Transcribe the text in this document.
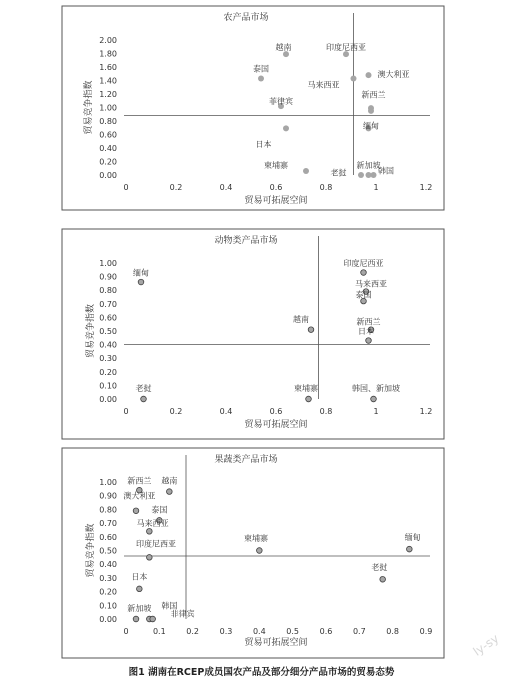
0.00
0.20
0.40
0.60
0.80
1.00
1.20
1.40
1.60
1.80
2.00
0	0.2	0.4	0.6	0.8	1	1.2
农产品市场
贸易可拓展空间
贸易竞争指数
越南	印度尼西亚
泰国
澳大利亚
马来西亚
新西兰
菲律宾
缅甸
日本
柬埔寨	新加坡
老挝	韩国
0.00
0.10
0.20
0.30
0.40
0.50
0.60
0.70
0.80
0.90
1.00
0	0.2	0.4	0.6	0.8	1	1.2
动物类产品市场
贸易可拓展空间
贸易竞争指数
缅甸
印度尼西亚
马来西亚
泰国
越南	新西兰
日本
老挝	柬埔寨	韩国、新加坡
0.00
0.10
0.20
0.30
0.40
0.50
0.60
0.70
0.80
0.90
1.00
0	0.1	0.2	0.3	0.4	0.5	0.6	0.7	0.8	0.9
果蔬类产品市场
贸易可拓展空间
贸易竞争指数
新西兰 越南
澳大利亚
泰国
马来西亚
印度尼西亚
日本
柬埔寨	缅甸
老挝
新加坡 韩国
非律宾
图1 湖南在RCEP成员国农产品及部分细分产品市场的贸易态势
ly-sy
